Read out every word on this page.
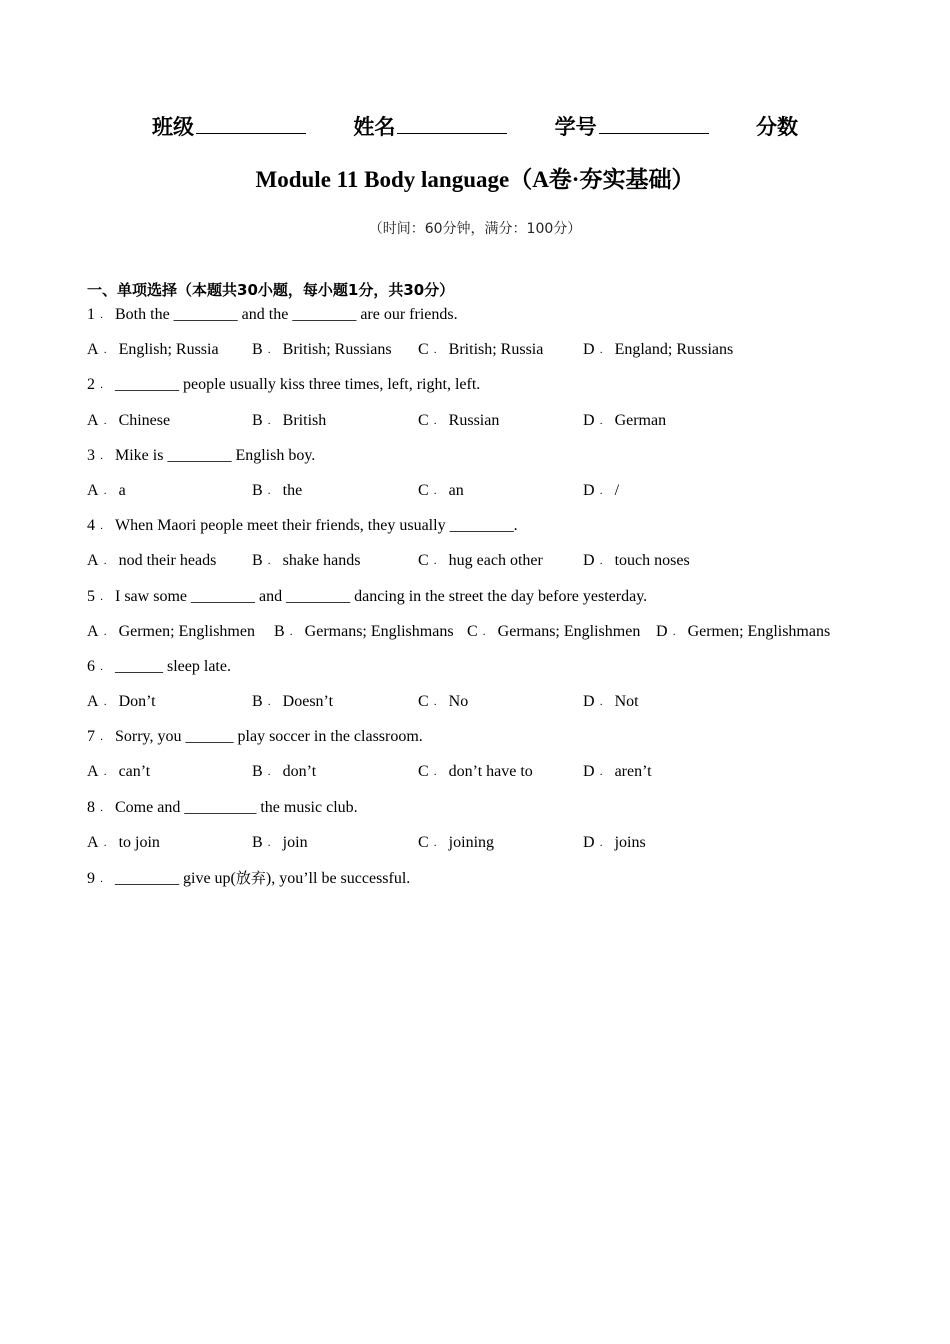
班级	姓名	学号	分数
Module 11 Body language（A卷·夯实基础）
（时间：60分钟，满分：100分）
一、单项选择（本题共30小题，每小题1分，共30分）
1 ． Both the ________ and the ________ are our friends.
A ． English; Russia B ． British; Russians C ． British; Russia D ． England; Russians
2 ． ________ people usually kiss three times, left, right, left.
A ． Chinese	B ． British	C ． Russian	D ． German
3 ． Mike is ________ English boy.
A ． a	B ． the	C ． an	D ． /
4 ． When Maori people meet their friends, they usually ________.
A ． nod their heads B ． shake hands	C ． hug each other	D ． touch noses
5 ． I saw some ________ and ________ dancing in the street the day before yesterday.
A ． Germen; Englishmen B ． Germans; Englishmans C ． Germans; Englishmen D ． Germen; Englishmans
6 ． ______ sleep late.
A ． Don’t	B ． Doesn’t	C ． No	D ． Not
7 ． Sorry, you ______ play soccer in the classroom.
A ． can’t	B ． don’t	C ． don’t have to	D ． aren’t
8 ． Come and _________ the music club.
A ． to join	B ． join	C ． joining	D ． joins
9 ． ________ give up(放弃), you’ll be successful.
